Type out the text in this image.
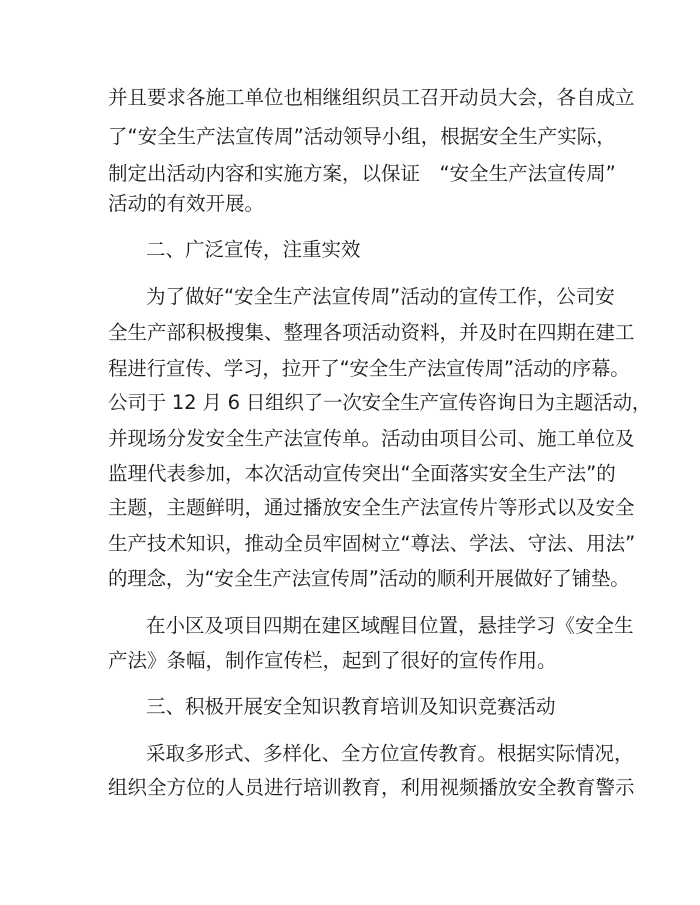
并且要求各施工单位也相继组织员工召开动员大会，各自成立
了“安全生产法宣传周”活动领导小组，根据安全生产实际，
制定出活动内容和实施方案，以保证　“安全生产法宣传周”
活动的有效开展。
二、广泛宣传，注重实效
为了做好“安全生产法宣传周”活动的宣传工作，公司安
全生产部积极搜集、整理各项活动资料，并及时在四期在建工
程进行宣传、学习，拉开了“安全生产法宣传周”活动的序幕。
公司于 12 月 6 日组织了一次安全生产宣传咨询日为主题活动，
并现场分发安全生产法宣传单。活动由项目公司、施工单位及
监理代表参加，本次活动宣传突出“全面落实安全生产法”的
主题，主题鲜明，通过播放安全生产法宣传片等形式以及安全
生产技术知识，推动全员牢固树立“尊法、学法、守法、用法”
的理念，为“安全生产法宣传周”活动的顺利开展做好了铺垫。
在小区及项目四期在建区域醒目位置，悬挂学习《安全生
产法》条幅，制作宣传栏，起到了很好的宣传作用。
三、积极开展安全知识教育培训及知识竞赛活动
采取多形式、多样化、全方位宣传教育。根据实际情况，
组织全方位的人员进行培训教育，利用视频播放安全教育警示
